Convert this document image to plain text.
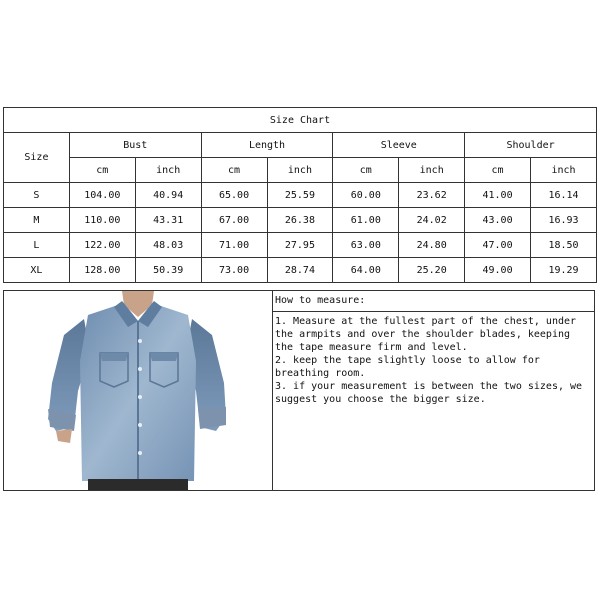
Size Chart								
Size	Bust		Length		Sleeve		Shoulder	
	cm	inch	cm	inch	cm	inch	cm	inch
S	104.00	40.94	65.00	25.59	60.00	23.62	41.00	16.14
M	110.00	43.31	67.00	26.38	61.00	24.02	43.00	16.93
L	122.00	48.03	71.00	27.95	63.00	24.80	47.00	18.50
XL	128.00	50.39	73.00	28.74	64.00	25.20	49.00	19.29
How to measure:

1. Measure at the fullest part of the chest, under the armpits and over the shoulder blades, keeping the tape measure firm and level.

2. keep the tape slightly loose to allow for breathing room.

3. if your measurement is between the two sizes, we suggest you choose the bigger size.
